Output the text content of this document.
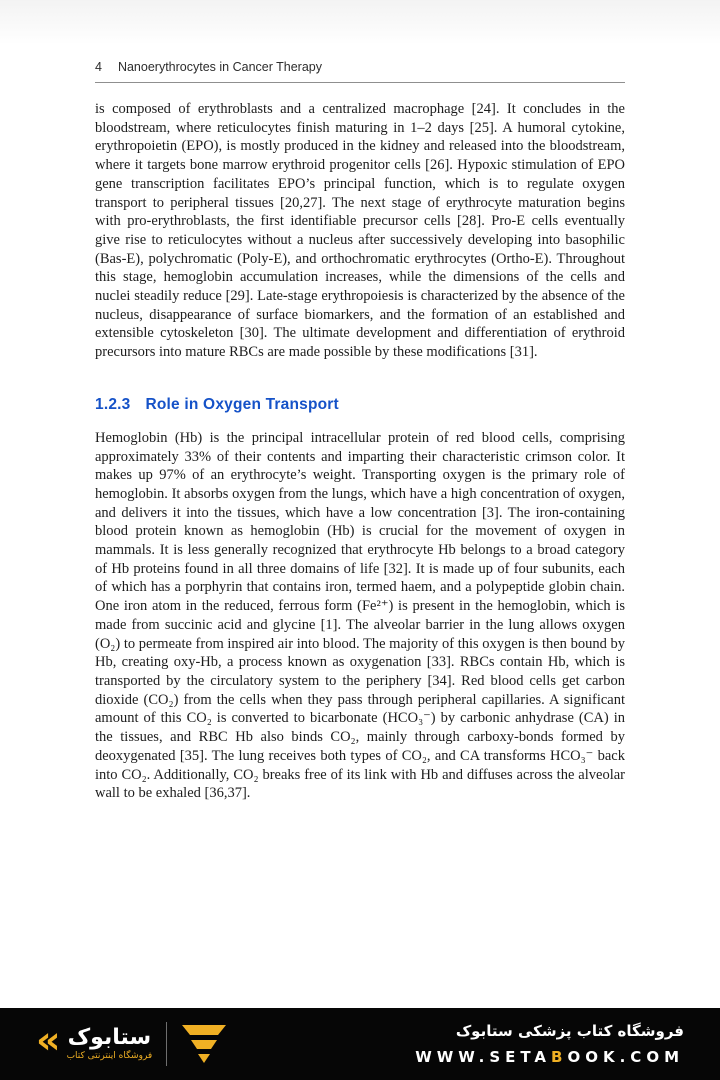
4 Nanoerythrocytes in Cancer Therapy

is composed of erythroblasts and a centralized macrophage [24]. It concludes in the bloodstream, where reticulocytes finish maturing in 1–2 days [25]. A humoral cytokine, erythropoietin (EPO), is mostly produced in the kidney and released into the bloodstream, where it targets bone marrow erythroid progenitor cells [26]. Hypoxic stimulation of EPO gene transcription facilitates EPO’s principal function, which is to regulate oxygen transport to peripheral tissues [20,27]. The next stage of erythrocyte maturation begins with pro-erythroblasts, the first identifiable precursor cells [28]. Pro-E cells eventually give rise to reticulocytes without a nucleus after successively developing into basophilic (Bas-E), polychromatic (Poly-E), and orthochromatic erythrocytes (Ortho-E). Throughout this stage, hemoglobin accumulation increases, while the dimensions of the cells and nuclei steadily reduce [29]. Late-stage erythropoiesis is characterized by the absence of the nucleus, disappearance of surface biomarkers, and the formation of an established and extensible cytoskeleton [30]. The ultimate development and differentiation of erythroid precursors into mature RBCs are made possible by these modifications [31].

1.2.3 Role in Oxygen Transport

Hemoglobin (Hb) is the principal intracellular protein of red blood cells, comprising approximately 33% of their contents and imparting their characteristic crimson color. It makes up 97% of an erythrocyte’s weight. Transporting oxygen is the primary role of hemoglobin. It absorbs oxygen from the lungs, which have a high concentration of oxygen, and delivers it into the tissues, which have a low concentration [3]. The iron-containing blood protein known as hemoglobin (Hb) is crucial for the movement of oxygen in mammals. It is less generally recognized that erythrocyte Hb belongs to a broad category of Hb proteins found in all three domains of life [32]. It is made up of four subunits, each of which has a porphyrin that contains iron, termed haem, and a polypeptide globin chain. One iron atom in the reduced, ferrous form (Fe²⁺) is present in the hemoglobin, which is made from succinic acid and glycine [1]. The alveolar barrier in the lung allows oxygen (O₂) to permeate from inspired air into blood. The majority of this oxygen is then bound by Hb, creating oxy-Hb, a process known as oxygenation [33]. RBCs contain Hb, which is transported by the circulatory system to the periphery [34]. Red blood cells get carbon dioxide (CO₂) from the cells when they pass through peripheral capillaries. A significant amount of this CO₂ is converted to bicarbonate (HCO₃⁻) by carbonic anhydrase (CA) in the tissues, and RBC Hb also binds CO₂, mainly through carboxy-bonds formed by deoxygenated [35]. The lung receives both types of CO₂, and CA transforms HCO₃⁻ back into CO₂. Additionally, CO₂ breaks free of its link with Hb and diffuses across the alveolar wall to be exhaled [36,37].

« ستابوک
فروشگاه اینترنتی کتاب
فروشگاه کتاب پزشکی ستابوک
WWW.SETABOOK.COM
